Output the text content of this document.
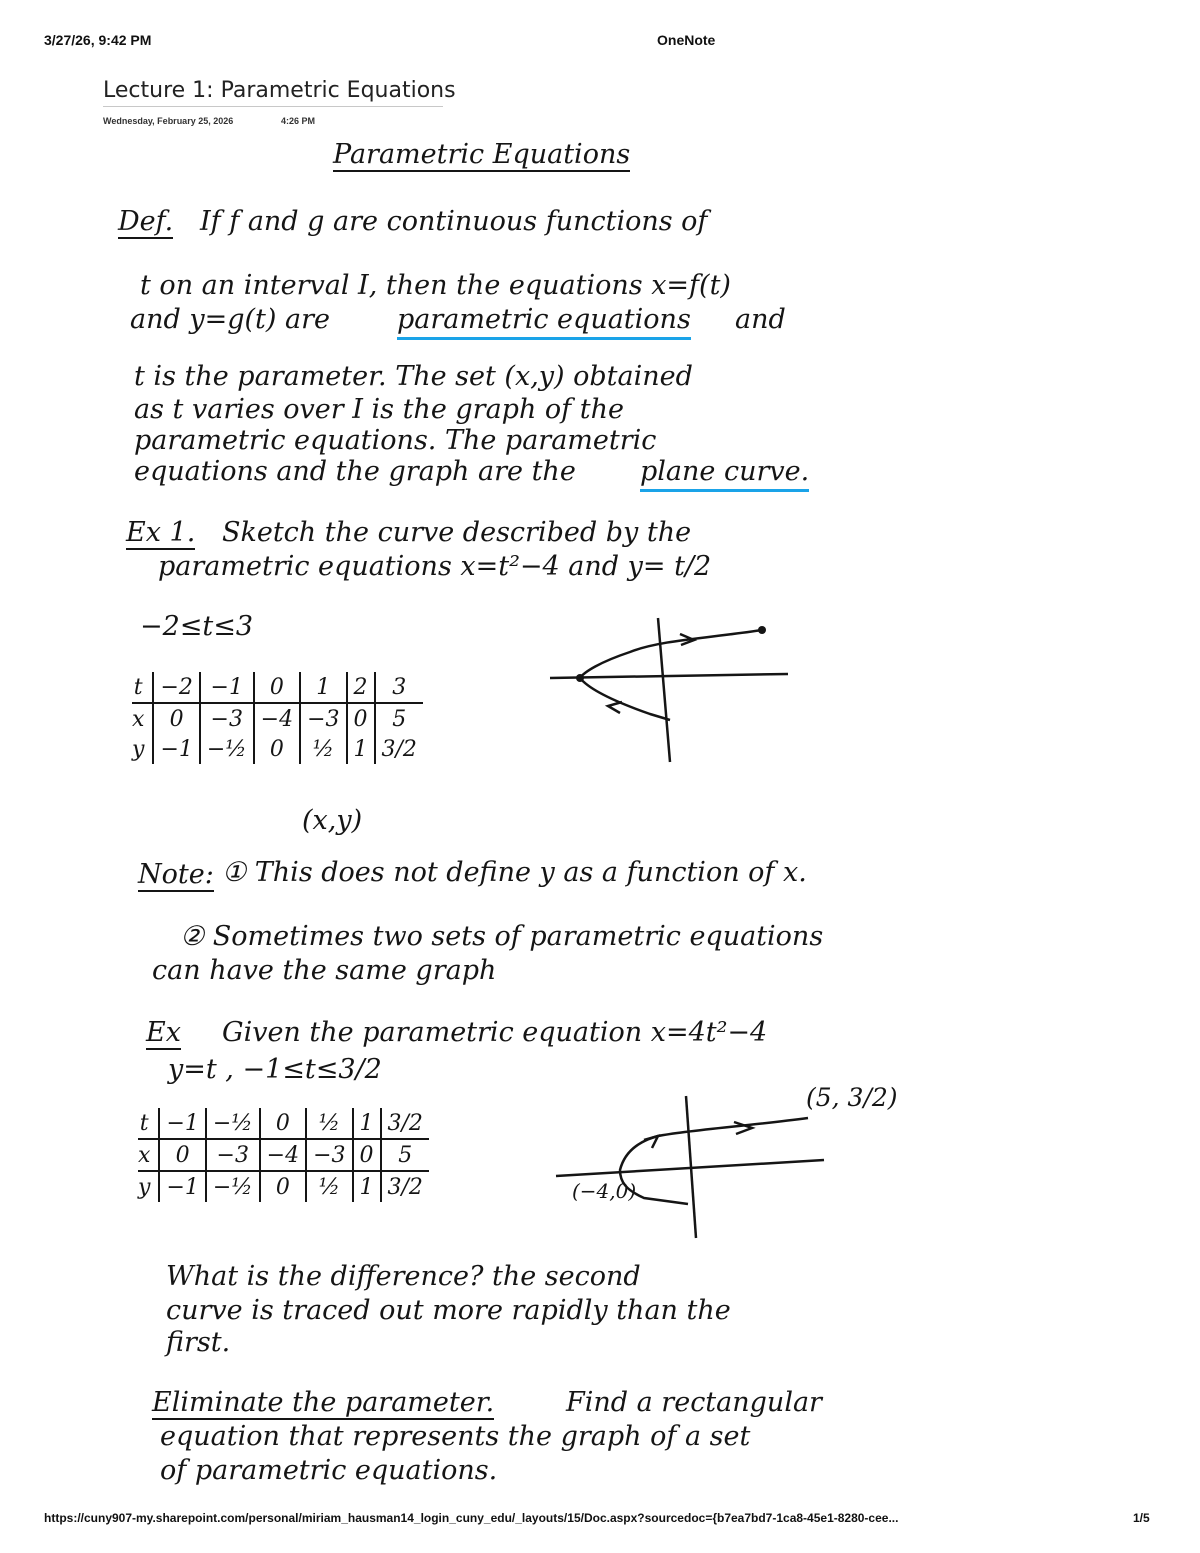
3/27/26, 9:42 PM	OneNote
Lecture 1: Parametric Equations
Wednesday, February 25, 2026	4:26 PM
Parametric Equations
Def. If f and g are continuous functions of
t on an interval I, then the equations x=f(t)
and y=g(t) are parametric equations and
t is the parameter. The set (x,y) obtained
as t varies over I is the graph of the
parametric equations. The parametric
equations and the graph are the plane curve.
Ex 1. Sketch the curve described by the
parametric equations x=t²−4 and y= t/2
−2≤t≤3
t	−2	−1	0	1	2	3
x	0	−3	−4	−3	0	5
y	−1	−½	0	½	1	3/2
(x,y)
Note: ① This does not define y as a function of x.
② Sometimes two sets of parametric equations
can have the same graph
Ex Given the parametric equation x=4t²−4
y=t , −1≤t≤3/2
t	−1	−½	0	½	1	3/2
x	0	−3	−4	−3	0	5
y	−1	−½	0	½	1	3/2
(5, 3/2)
(−4,0)
What is the difference? the second
curve is traced out more rapidly than the
first.
Eliminate the parameter.	Find a rectangular
equation that represents the graph of a set
of parametric equations.
https://cuny907-my.sharepoint.com/personal/miriam_hausman14_login_cuny_edu/_layouts/15/Doc.aspx?sourcedoc={b7ea7bd7-1ca8-45e1-8280-cee...	1/5
